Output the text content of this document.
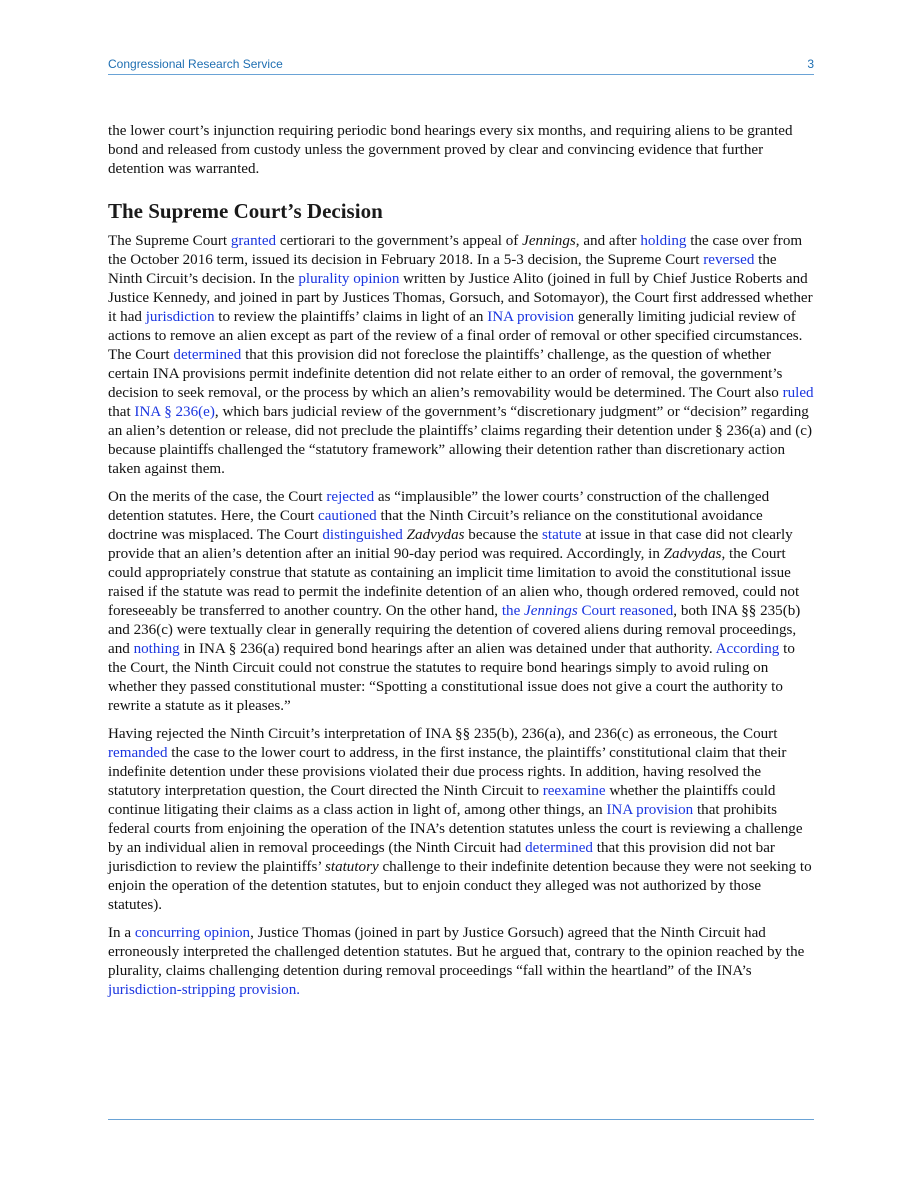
Congressional Research Service	3

the lower court’s injunction requiring periodic bond hearings every six months, and requiring aliens to be granted bond and released from custody unless the government proved by clear and convincing evidence that further detention was warranted.

The Supreme Court’s Decision

The Supreme Court granted certiorari to the government’s appeal of Jennings, and after holding the case over from the October 2016 term, issued its decision in February 2018. In a 5-3 decision, the Supreme Court reversed the Ninth Circuit’s decision. In the plurality opinion written by Justice Alito (joined in full by Chief Justice Roberts and Justice Kennedy, and joined in part by Justices Thomas, Gorsuch, and Sotomayor), the Court first addressed whether it had jurisdiction to review the plaintiffs’ claims in light of an INA provision generally limiting judicial review of actions to remove an alien except as part of the review of a final order of removal or other specified circumstances. The Court determined that this provision did not foreclose the plaintiffs’ challenge, as the question of whether certain INA provisions permit indefinite detention did not relate either to an order of removal, the government’s decision to seek removal, or the process by which an alien’s removability would be determined. The Court also ruled that INA § 236(e), which bars judicial review of the government’s “discretionary judgment” or “decision” regarding an alien’s detention or release, did not preclude the plaintiffs’ claims regarding their detention under § 236(a) and (c) because plaintiffs challenged the “statutory framework” allowing their detention rather than discretionary action taken against them.

On the merits of the case, the Court rejected as “implausible” the lower courts’ construction of the challenged detention statutes. Here, the Court cautioned that the Ninth Circuit’s reliance on the constitutional avoidance doctrine was misplaced. The Court distinguished Zadvydas because the statute at issue in that case did not clearly provide that an alien’s detention after an initial 90-day period was required. Accordingly, in Zadvydas, the Court could appropriately construe that statute as containing an implicit time limitation to avoid the constitutional issue raised if the statute was read to permit the indefinite detention of an alien who, though ordered removed, could not foreseeably be transferred to another country. On the other hand, the Jennings Court reasoned, both INA §§ 235(b) and 236(c) were textually clear in generally requiring the detention of covered aliens during removal proceedings, and nothing in INA § 236(a) required bond hearings after an alien was detained under that authority. According to the Court, the Ninth Circuit could not construe the statutes to require bond hearings simply to avoid ruling on whether they passed constitutional muster: “Spotting a constitutional issue does not give a court the authority to rewrite a statute as it pleases.”

Having rejected the Ninth Circuit’s interpretation of INA §§ 235(b), 236(a), and 236(c) as erroneous, the Court remanded the case to the lower court to address, in the first instance, the plaintiffs’ constitutional claim that their indefinite detention under these provisions violated their due process rights. In addition, having resolved the statutory interpretation question, the Court directed the Ninth Circuit to reexamine whether the plaintiffs could continue litigating their claims as a class action in light of, among other things, an INA provision that prohibits federal courts from enjoining the operation of the INA’s detention statutes unless the court is reviewing a challenge by an individual alien in removal proceedings (the Ninth Circuit had determined that this provision did not bar jurisdiction to review the plaintiffs’ statutory challenge to their indefinite detention because they were not seeking to enjoin the operation of the detention statutes, but to enjoin conduct they alleged was not authorized by those statutes).

In a concurring opinion, Justice Thomas (joined in part by Justice Gorsuch) agreed that the Ninth Circuit had erroneously interpreted the challenged detention statutes. But he argued that, contrary to the opinion reached by the plurality, claims challenging detention during removal proceedings “fall within the heartland” of the INA’s jurisdiction-stripping provision.
